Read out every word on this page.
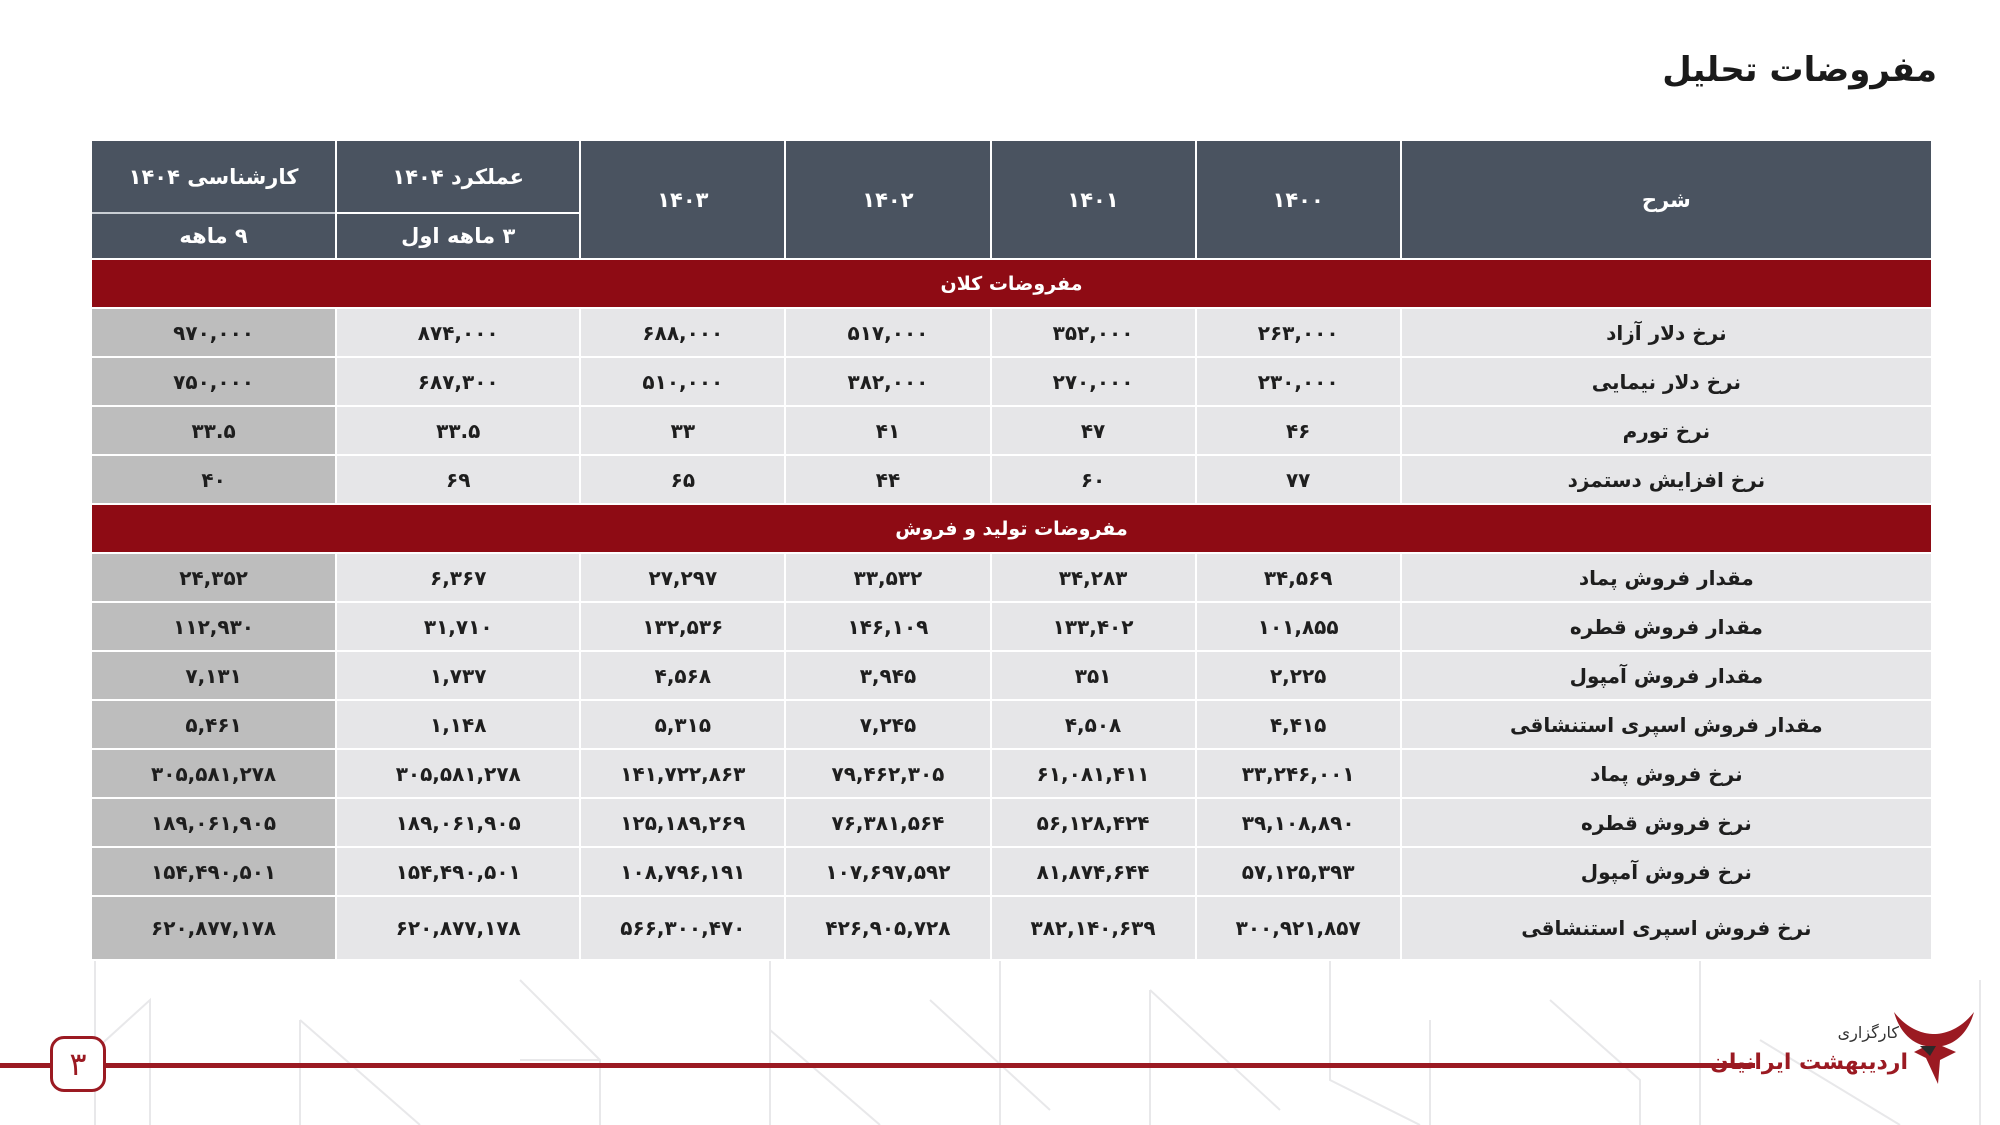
مفروضات تحلیل
شرح	۱۴۰۰	۱۴۰۱	۱۴۰۲	۱۴۰۳	عملکرد ۱۴۰۴	کارشناسی ۱۴۰۴
					۳ ماهه اول	۹ ماهه
مفروضات کلان						
نرخ دلار آزاد	۲۶۳,۰۰۰	۳۵۲,۰۰۰	۵۱۷,۰۰۰	۶۸۸,۰۰۰	۸۷۴,۰۰۰	۹۷۰,۰۰۰
نرخ دلار نیمایی	۲۳۰,۰۰۰	۲۷۰,۰۰۰	۳۸۲,۰۰۰	۵۱۰,۰۰۰	۶۸۷,۳۰۰	۷۵۰,۰۰۰
نرخ تورم	۴۶	۴۷	۴۱	۳۳	۳۳.۵	۳۳.۵
نرخ افزایش دستمزد	۷۷	۶۰	۴۴	۶۵	۶۹	۴۰
مفروضات تولید و فروش						
مقدار فروش پماد	۳۴,۵۶۹	۳۴,۲۸۳	۳۳,۵۳۲	۲۷,۲۹۷	۶,۳۶۷	۲۴,۳۵۲
مقدار فروش قطره	۱۰۱,۸۵۵	۱۳۳,۴۰۲	۱۴۶,۱۰۹	۱۳۲,۵۳۶	۳۱,۷۱۰	۱۱۲,۹۳۰
مقدار فروش آمپول	۲,۲۲۵	۳۵۱	۳,۹۴۵	۴,۵۶۸	۱,۷۳۷	۷,۱۳۱
مقدار فروش اسپری استنشاقی	۴,۴۱۵	۴,۵۰۸	۷,۲۴۵	۵,۳۱۵	۱,۱۴۸	۵,۴۶۱
نرخ فروش پماد	۳۳,۲۴۶,۰۰۱	۶۱,۰۸۱,۴۱۱	۷۹,۴۶۲,۳۰۵	۱۴۱,۷۲۲,۸۶۳	۳۰۵,۵۸۱,۲۷۸	۳۰۵,۵۸۱,۲۷۸
نرخ فروش قطره	۳۹,۱۰۸,۸۹۰	۵۶,۱۲۸,۴۲۴	۷۶,۳۸۱,۵۶۴	۱۲۵,۱۸۹,۲۶۹	۱۸۹,۰۶۱,۹۰۵	۱۸۹,۰۶۱,۹۰۵
نرخ فروش آمپول	۵۷,۱۲۵,۳۹۳	۸۱,۸۷۴,۶۴۴	۱۰۷,۶۹۷,۵۹۲	۱۰۸,۷۹۶,۱۹۱	۱۵۴,۴۹۰,۵۰۱	۱۵۴,۴۹۰,۵۰۱
نرخ فروش اسپری استنشاقی	۳۰۰,۹۲۱,۸۵۷	۳۸۲,۱۴۰,۶۳۹	۴۲۶,۹۰۵,۷۲۸	۵۶۶,۳۰۰,۴۷۰	۶۲۰,۸۷۷,۱۷۸	۶۲۰,۸۷۷,۱۷۸
۳
کارگزاری
اردیبهشت ایرانیان
